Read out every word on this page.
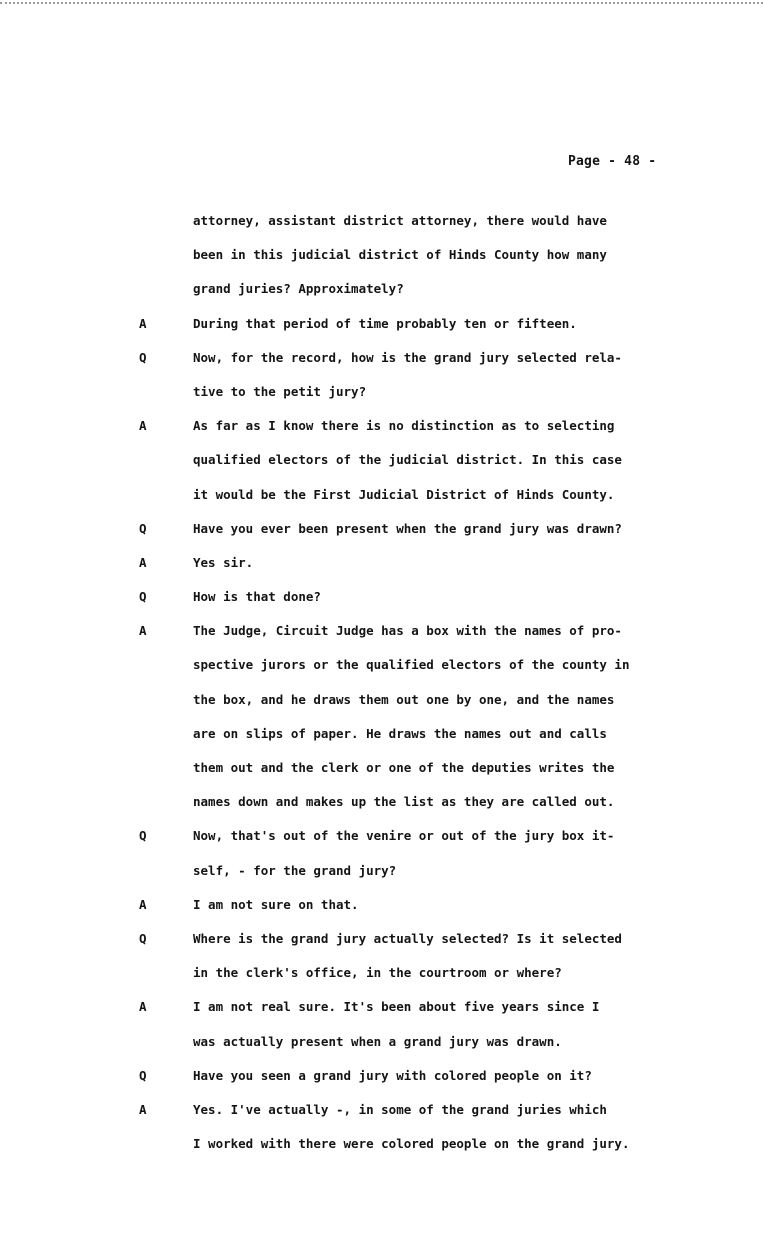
Page - 48 -
attorney, assistant district attorney, there would have
been in this judicial district of Hinds County how many
grand juries? Approximately?
A	During that period of time probably ten or fifteen.
Q	Now, for the record, how is the grand jury selected rela-
tive to the petit jury?
A	As far as I know there is no distinction as to selecting
qualified electors of the judicial district. In this case
it would be the First Judicial District of Hinds County.
Q	Have you ever been present when the grand jury was drawn?
A	Yes sir.
Q	How is that done?
A	The Judge, Circuit Judge has a box with the names of pro-
spective jurors or the qualified electors of the county in
the box, and he draws them out one by one, and the names
are on slips of paper. He draws the names out and calls
them out and the clerk or one of the deputies writes the
names down and makes up the list as they are called out.
Q	Now, that's out of the venire or out of the jury box it-
self, - for the grand jury?
A	I am not sure on that.
Q	Where is the grand jury actually selected? Is it selected
in the clerk's office, in the courtroom or where?
A	I am not real sure. It's been about five years since I
was actually present when a grand jury was drawn.
Q	Have you seen a grand jury with colored people on it?
A	Yes. I've actually -, in some of the grand juries which
I worked with there were colored people on the grand jury.
